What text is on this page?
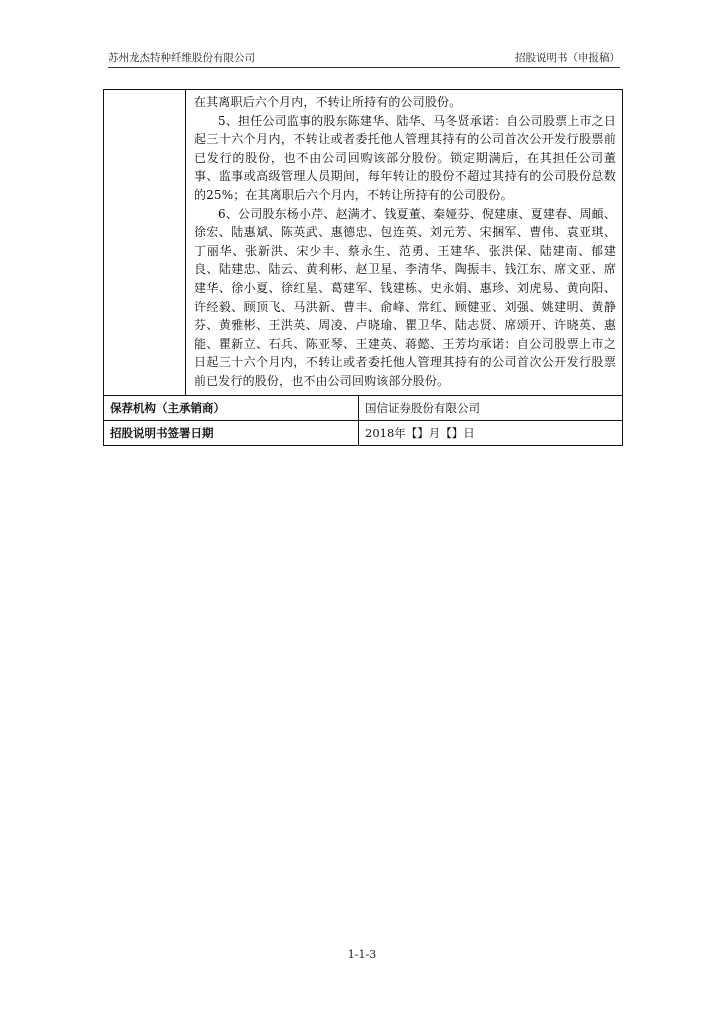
苏州龙杰特种纤维股份有限公司	招股说明书（申报稿）

	在其离职后六个月内，不转让所持有的公司股份。

5、担任公司监事的股东陈建华、陆华、马冬贤承诺：自公司股票上市之日起三十六个月内，不转让或者委托他人管理其持有的公司首次公开发行股票前已发行的股份，也不由公司回购该部分股份。锁定期满后，在其担任公司董事、监事或高级管理人员期间，每年转让的股份不超过其持有的公司股份总数的25%；在其离职后六个月内，不转让所持有的公司股份。

6、公司股东杨小芹、赵满才、钱夏董、秦娅芬、倪建康、夏建春、周頔、徐宏、陆惠斌、陈英武、惠德忠、包连英、刘元芳、宋捆军、曹伟、袁亚琪、丁丽华、张新洪、宋少丰、蔡永生、范勇、王建华、张洪保、陆建南、郁建良、陆建忠、陆云、黄利彬、赵卫星、李清华、陶振丰、钱江东、席文亚、席建华、徐小夏、徐红星、葛建军、钱建栋、史永娟、惠珍、刘虎易、黄向阳、许经毅、顾顶飞、马洪新、曹丰、俞峰、常红、顾健亚、刘强、姚建明、黄静芬、黄雅彬、王洪英、周凌、卢晓瑜、瞿卫华、陆志贤、席颂开、许晓英、惠能、瞿新立、石兵、陈亚琴、王建英、蒋懿、王芳均承诺：自公司股票上市之日起三十六个月内，不转让或者委托他人管理其持有的公司首次公开发行股票前已发行的股份，也不由公司回购该部分股份。	

保荐机构（主承销商）		国信证券股份有限公司
招股说明书签署日期		2018年【】月【】日
1-1-3
